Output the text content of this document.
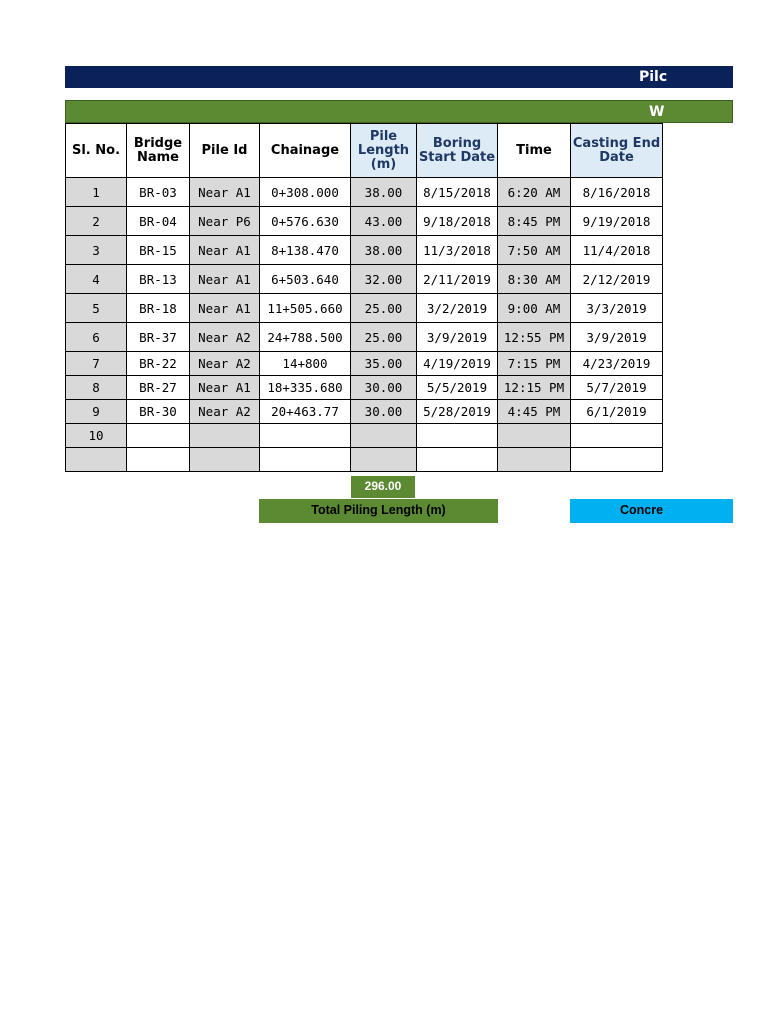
Pilc
W
Sl. No.	Bridge Name	Pile Id	Chainage	Pile Length (m)	Boring Start Date	Time	Casting End Date
1	BR-03	Near A1	0+308.000	38.00	8/15/2018	6:20 AM	8/16/2018
2	BR-04	Near P6	0+576.630	43.00	9/18/2018	8:45 PM	9/19/2018
3	BR-15	Near A1	8+138.470	38.00	11/3/2018	7:50 AM	11/4/2018
4	BR-13	Near A1	6+503.640	32.00	2/11/2019	8:30 AM	2/12/2019
5	BR-18	Near A1	11+505.660	25.00	3/2/2019	9:00 AM	3/3/2019
6	BR-37	Near A2	24+788.500	25.00	3/9/2019	12:55 PM	3/9/2019
7	BR-22	Near A2	14+800	35.00	4/19/2019	7:15 PM	4/23/2019
8	BR-27	Near A1	18+335.680	30.00	5/5/2019	12:15 PM	5/7/2019
9	BR-30	Near A2	20+463.77	30.00	5/28/2019	4:45 PM	6/1/2019
10							

296.00
Total Piling Length (m)	Concre
